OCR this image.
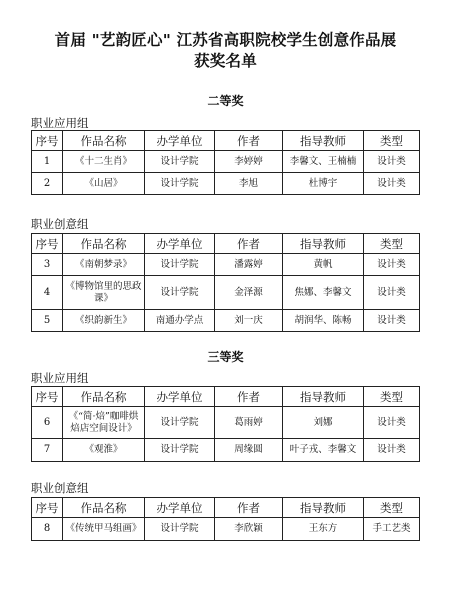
首届 "艺韵匠心" 江苏省高职院校学生创意作品展
获奖名单
二等奖
职业应用组
序号	作品名称	办学单位	作者	指导教师	类型
1	《十二生肖》	设计学院	李婷婷	李馨文、王楠楠	设计类
2	《山居》	设计学院	李旭	杜博宇	设计类
职业创意组
序号	作品名称	办学单位	作者	指导教师	类型
3	《南朝梦录》	设计学院	潘露婷	黄帆	设计类
4	《博物馆里的思政课》	设计学院	金泽源	焦娜、李馨文	设计类
5	《织韵新生》	南通办学点	刘一庆	胡润华、陈畅	设计类
三等奖
职业应用组
序号	作品名称	办学单位	作者	指导教师	类型
6	《“简·焙”咖啡烘焙店空间设计》	设计学院	葛雨婷	刘娜	设计类
7	《观淮》	设计学院	周缘圆	叶子戎、李馨文	设计类
职业创意组
序号	作品名称	办学单位	作者	指导教师	类型
8	《传统甲马组画》	设计学院	李欣颖	王东方	手工艺类
